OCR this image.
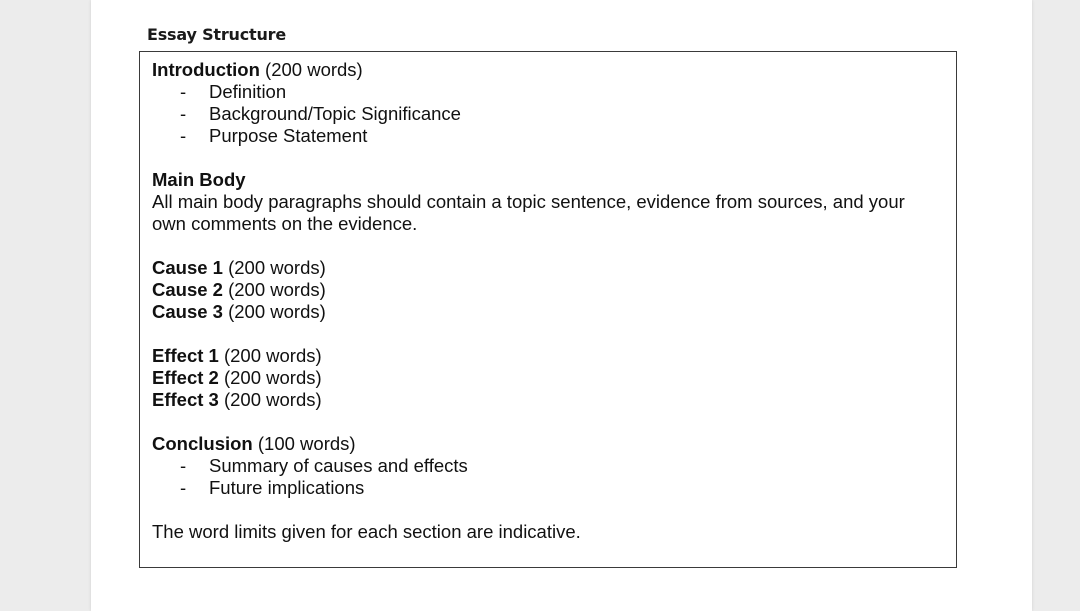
Essay Structure
Introduction (200 words)
- Definition
- Background/Topic Significance
- Purpose Statement
Main Body
All main body paragraphs should contain a topic sentence, evidence from sources, and your own comments on the evidence.
Cause 1 (200 words)
Cause 2 (200 words)
Cause 3 (200 words)
Effect 1 (200 words)
Effect 2 (200 words)
Effect 3 (200 words)
Conclusion (100 words)
- Summary of causes and effects
- Future implications
The word limits given for each section are indicative.
